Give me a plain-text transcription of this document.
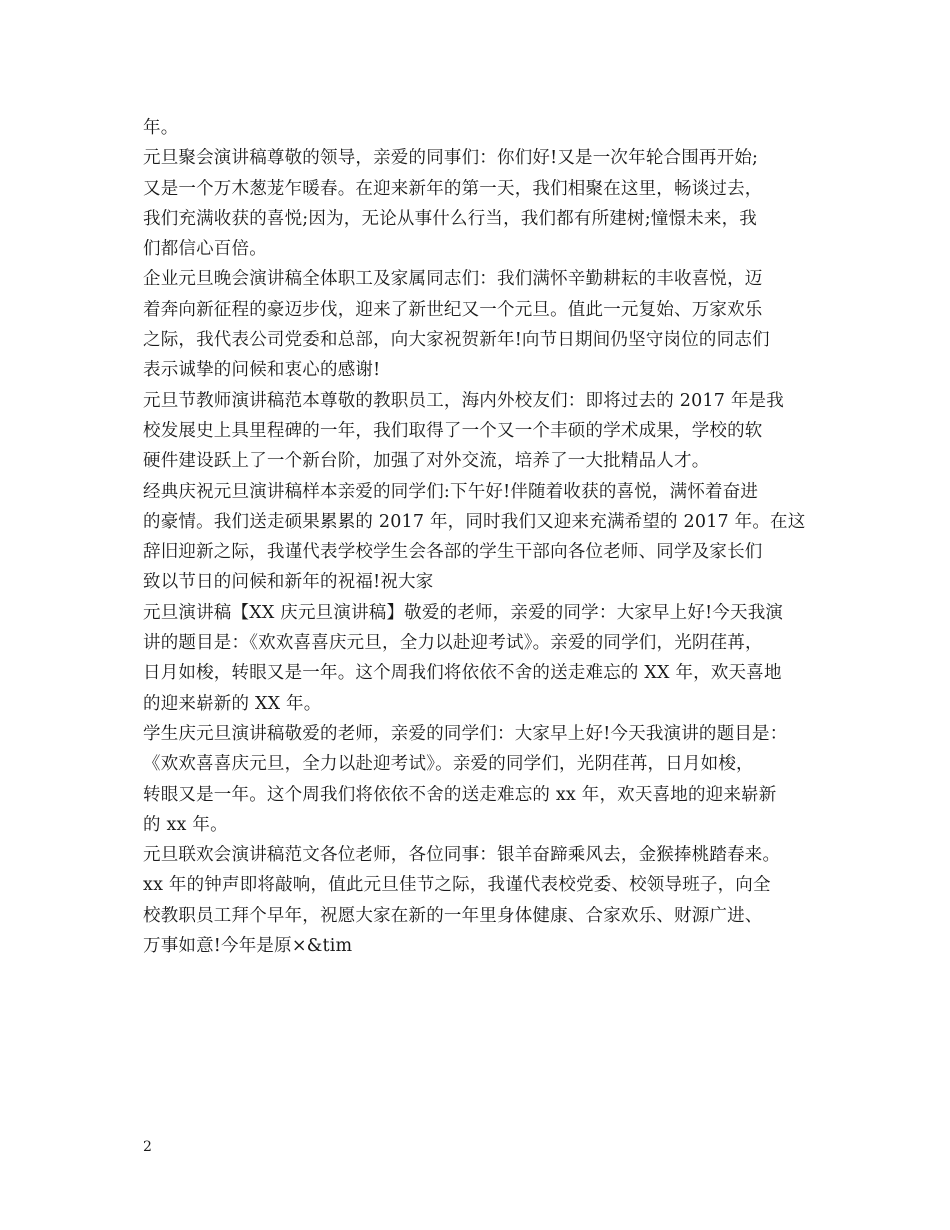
年。
元旦聚会演讲稿尊敬的领导，亲爱的同事们：你们好!又是一次年轮合围再开始;
又是一个万木葱茏乍暖春。在迎来新年的第一天，我们相聚在这里，畅谈过去，
我们充满收获的喜悦;因为，无论从事什么行当，我们都有所建树;憧憬未来，我
们都信心百倍。
企业元旦晚会演讲稿全体职工及家属同志们：我们满怀辛勤耕耘的丰收喜悦，迈
着奔向新征程的豪迈步伐，迎来了新世纪又一个元旦。值此一元复始、万家欢乐
之际，我代表公司党委和总部，向大家祝贺新年!向节日期间仍坚守岗位的同志们
表示诚挚的问候和衷心的感谢!
元旦节教师演讲稿范本尊敬的教职员工，海内外校友们：即将过去的 2017 年是我
校发展史上具里程碑的一年，我们取得了一个又一个丰硕的学术成果，学校的软
硬件建设跃上了一个新台阶，加强了对外交流，培养了一大批精品人才。
经典庆祝元旦演讲稿样本亲爱的同学们:下午好!伴随着收获的喜悦，满怀着奋进
的豪情。我们送走硕果累累的 2017 年，同时我们又迎来充满希望的 2017 年。在这
辞旧迎新之际，我谨代表学校学生会各部的学生干部向各位老师、同学及家长们
致以节日的问候和新年的祝福!祝大家
元旦演讲稿【XX 庆元旦演讲稿】敬爱的老师，亲爱的同学：大家早上好!今天我演
讲的题目是：《欢欢喜喜庆元旦，全力以赴迎考试》。亲爱的同学们，光阴荏苒，
日月如梭，转眼又是一年。这个周我们将依依不舍的送走难忘的 XX 年，欢天喜地
的迎来崭新的 XX 年。
学生庆元旦演讲稿敬爱的老师，亲爱的同学们：大家早上好!今天我演讲的题目是：
《欢欢喜喜庆元旦，全力以赴迎考试》。亲爱的同学们，光阴荏苒，日月如梭，
转眼又是一年。这个周我们将依依不舍的送走难忘的 xx 年，欢天喜地的迎来崭新
的 xx 年。
元旦联欢会演讲稿范文各位老师，各位同事：银羊奋蹄乘风去，金猴捧桃踏春来。
xx 年的钟声即将敲响，值此元旦佳节之际，我谨代表校党委、校领导班子，向全
校教职员工拜个早年，祝愿大家在新的一年里身体健康、合家欢乐、财源广进、
万事如意!今年是原×&tim
2
